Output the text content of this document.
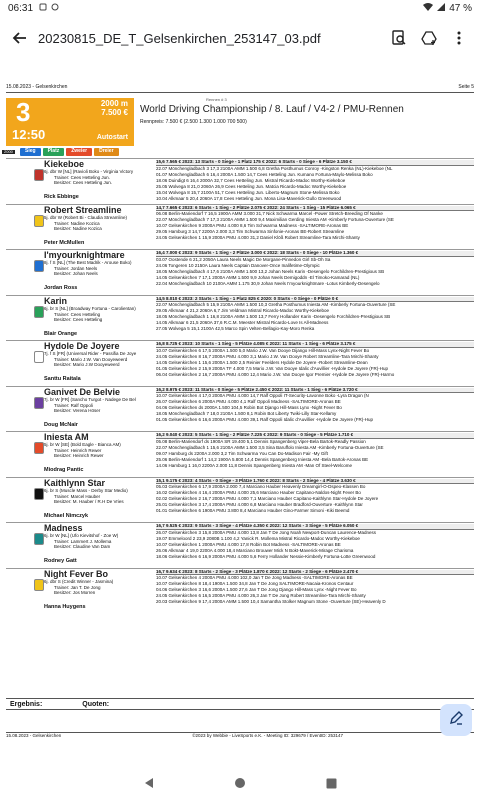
06:31	47 %
20230815_DE_T_Gelsenkirchen_253147_03.pdf
15.08.2023 - Gelsenkirchen	Seite 5
Rennen # 3
3
12:50
2000 m
7.500 €
Autostart
World Driving Championship / 8. Lauf / V4-2 / PMU-Rennen
Rennpreis: 7.500 € (2.500 1.300 1.000 700 500)
2000	Sieg	Platz	Zweier	Dreier
1
Kiekeboe
6j. dbr W [NL] (Ravioli Boko - Virginia Victory
Trainer: Cees Hetteling Jun.
Besitzer: Cees Hetteling Jun.
Rick Ebbinge
15,6 7.565 € 2023: 13 Starts - 0 Siege - 1 Platz 175 € 2022: 6 Starts - 0 Siege - 6 Plätze 3.150 €
22.07 Mönchengladbach 3 17,3 2100A AMM 1.500 6,8 Gretha Posthumus Conroy -Kingston Renka (NL)-Kiekeboe (NL
01.07 Mönchengladbach 6 16,4 2000A 1.500 14,7 Cees Hetteling Jun. Kumano Fortuna-Maylo-Melissa Boko
18.06 Duindigt 6 16,4 2000A 32,7 Cees Hetteling Jun. Mistral Ricardo-Madoc Worthy-Kiekeboe
25.05 Wolvega 8 21,0 2060A 26,9 Cees Hetteling Jun. Matcia Ricardo-Madoc Worthy-Kiekeboe
15.04 Wolvega 8 15,7 2100A 51,7 Cees Hetteling Jun. Liberto-Magnum Stone-Melissa Boko
10.04 Alkmaar 5 20,4 2060A 17,8 Cees Hetteling Jun. Mona Lisa-Maverick-Gullo Greenwood
2
Robert Streamline
5j. dbr W (Robert Bi - Claudia Streamline)
Trainer: Nadine Kozica
Besitzer: Nadine Kozica
Peter McMullen
14,7 7.665 € 2023: 6 Starts - 1 Sieg - 2 Plätze 2.075 € 2022: 24 Starts - 1 Sieg - 15 Plätze 6.065 €
06.08 Berlin-Mariendorf 7 16,5 1900A AMM 3.000 31,7 Nick Schwarma Marcel -Power Stretch-Breeding Of Nanke
22.07 Mönchengladbach 7 17,3 2100A AMM 1.500 9,4 Maximilian Gerding Iniesta AM -Kimberly Fortuna-Ouverture (SE
10.07 Gelsenkirchen 9 2000A PMU 4.000 8,6 Tim Schwarma Madness -SALTIMORE-Aronas BE
29.05 Hamburg 3 14,7 2200A 2.000 3,3 Tim Schwarma Sinfonie-Aronas BE-Robert Streamline
24.05 Gelsenkirchen 1 15,9 2000A PMU 4.000 31,2 Daniel Klöß Robert Streamline-Tara Mirchi-Shanty
3
I'myourknightmare
8j. f S [NL] (The Best Madrik - Arouse Boko)
Trainer: Jordan Neels
Besitzer: Johan Neels
Jordan Ross
16,4 7.000 € 2023: 9 Starts - 1 Sieg - 2 Plätze 3.000 € 2022: 18 Starts - 0 Siege - 10 Plätze 1.360 €
03.07 Oostende 6 21,2 2050A Laura Neels Magic De Morgane-Pinnedon Girl Sb-Oh Sa
24.06 Tongeren 10 2150A Laura Neels Captain Danover-Once Inalifetime-Olympic
18.05 Mönchengladbach 4 17,6 2100A AMM 1.500 13,2 Johan Neels Karin -Desengelo Forchildren-Prestigious SB
14.05 Gelsenkirchen 7 17,1 2000A AMM 1.500 9,9 Johan Neels Demigoddn -El Timoko-Kamarad (NL)
22.04 Mönchengladbach 10 2100A AMM 1.175 30,9 Johan Neels I'myourknightmare -Lotus Kimberly-Desengelo
4
Karin
6j. br S [NL] (Broadway Fortuna - Carolientan)
Trainer: Cees Hetteling
Besitzer: Cees Hetteling
Blair Orange
14,5 8.010 € 2023: 2 Starts - 1 Sieg - 1 Platz 825 € 2020: 0 Starts - 0 Siege - 0 Plätze 0 €
22.07 Mönchengladbach 5 15,9 2100A AMM 1.500 10,3 Gretha Posthumus Iniesta AM -Kimberly Fortuna-Ouverture (SE
29.05 Alkmaar 4 21,2 2060A 6,7 Jim Veldman Mistral Ricardo-Madoc Worthy-Kiekeboe
18.05 Mönchengladbach 1 16,8 2100A AMM 1.500 13,7 Ferry Hollander Karin -Desengelo Forchildren-Prestigious SB
14.05 Alkmaar 6 21,5 2060A 37,6 R.C.M. Meester Mistral Ricardo-Love Is All-Madness
27.05 Wolvega 5 15,1 2100A 42,5 Marco Spin Velten-Bellagio-Kay-Moro Renka
5
Hydole De Joyere
7j. f S [FR] (Universal Rider - Passifia De Joye
Trainer: Mario J.W. Van Dooyeweerd
Besitzer: Mario J.W Dooyeweerd
Santtu Raitala
16,8 8.725 € 2023: 10 Starts - 1 Sieg - 5 Plätze 4.085 € 2022: 11 Starts - 1 Sieg - 6 Plätze 3.175 €
10.07 Gelsenkirchen 6 17,5 2000A 1.500 5,0 Mario J.W. Van Dooye Dijango Hill-Mass Lynx-Night Fever Bo
24.05 Gelsenkirchen 8 16,7 2000A PMU 4.000 3,1 Mario J.W. Van Dooye Robert Streamline-Tara Mirchi-Shanty
14.05 Gelsenkirchen 1 15,6 2000A 1.500 2,5 Reinier Feelders Hydole De Joyere -Robert Streamline-Dean
01.05 Gelsenkirchen 2 15,9 2000A TF 4.000 7,5 Mario J.W. Van Dooye Idalic d'Auvillier -Hydole De Joyere (FR)-Hup
06.04 Gelsenkirchen 2 16,7 2000A PMU 4.000 12,4 Mario J.W. Van Dooye Igor Premier -Hydole De Joyere (FR)-Harmo
6
Ganivet De Belvie
7j. br W [FR] (Sancho Turgot - Nadege De Bel
Trainer: Ralf Oppoli
Besitzer: Verena Höser
Doug McNair
16,2 8.975 € 2023: 11 Starts - 0 Siege - 5 Plätze 2.450 € 2022: 11 Starts - 1 Sieg - 6 Plätze 3.720 €
10.07 Gelsenkirchen 4 17,0 2000A PMU 4.000 14,7 Ralf Oppoli IT-Security-Lavonne Boko -Lyra Dragon (N
26.07 Gelsenkirchen 6 2000A PMU 4.000 4,1 Ralf Oppoli Madness -SALTIMORE-Aronas BE
04.06 Gelsenkirchen ds 2000A 1.500 104,5 Robin Bot Django Hill-Mass Lynx -Night Fever Bo
18.05 Mönchengladbach 7 18,0 2100A 1.500 8,1 Robin Bot Liberty Twiki-Lilly Star-Kellamy
01.05 Gelsenkirchen 6 16,6 2000A PMU 4.000 39,1 Ralf Oppoli Idalic d'Auvillier -Hydole De Joyere (FR)-Hup
7
Iniesta AM
5j. br W [SE] (Bold Eagle - Bianca AM)
Trainer: Heinrich Rewer
Besitzer: Heinrich Rewer
Miodrag Pantic
16,2 9.040 € 2023: 5 Starts - 1 Sieg - 2 Plätze 7.225 € 2022: 9 Starts - 0 Siege - 5 Plätze 1.710 €
05.08 Berlin-Mariendorf ds 1900A SR 19.400 5,1 Dennis Spangenberg Viper-Bela Bartok-Readly Passion
22.07 Mönchengladbach 1 15,6 2100A AMM 1.500 3,5 Sina Baruffolo Iniesta AM -Kimberly Fortuna-Ouverture (SE
09.07 Hamburg ds 2200A 2.000 3,2 Tim Schwarma You Can Do-Madison Fair -My Gift
25.06 Berlin-Mariendorf 1 14,2 1900A 5.800 14,4 Dennis Spangenberg Iniesta AM -Bela Bartok-Aronas BE
14.06 Hamburg 1 16,0 2200A 2.000 11,8 Dennis Spangenberg Iniesta AM -Man Of Steel-Welcome
8
Kaithlynn Star
6j. br S (Muscle Mass - Derby Star Medio)
Trainer: Marcel Hauber
Besitzer: M. Hauber / R.H De Vries
Michael Nimczyk
15,1 9.175 € 2023: 4 Starts - 0 Siege - 3 Plätze 1.760 € 2022: 8 Starts - 2 Siege - 4 Plätze 3.630 €
05.03 Gelsenkirchen 6 17,9 2000A 2.000 7,4 Marciano Hauber Heavenly Dreamgirl-O-Dspeo-Klassen Bo
16.02 Gelsenkirchen 4 16,4 2000A PMU 4.000 25,6 Marciano Hauber Capitano-Naldos-Night Fever Bo
02.02 Gelsenkirchen 2 16,7 2000A PMU 4.000 7,1 Marciano Hauber Capitano-Kaithlynn Star-Hydole De Joyere
25.01 Gelsenkirchen 3 17,4 2000A PMU 4.000 6,8 Marciano Hauber Bradford-Ouverture -Kaithlynn Star
01.01 Gelsenkirchen 6 1900A PMU 3.800 8,4 Marciano Hauber Gino-Farmer Simoni -Kiki Beemd
9
Madness
6j. br W [NL] (Ufo Kievitshof - Zoe W)
Trainer: Lammert J. Mollema
Besitzer: Claudine Van Dam
Rodney Gatt
16,7 9.525 € 2023: 9 Starts - 3 Siege - 4 Plätze 4.350 € 2022: 12 Starts - 3 Siege - 5 Plätze 6.050 €
26.07 Gelsenkirchen 3 15,8 2000A PMU 4.000 13,8 Jan T De Jong Noah Newport-Duncan Laurence-Madness
19.07 Emmeloord 2 23,9 2080B 1.100 4,2 Yanick R. Mollema Mistral Ricardo-Madoc Worthy-Kiekeboe
10.07 Gelsenkirchen 1 2000A PMU 4.000 17,8 Robin Bot Madness -SALTIMORE-Aronas BE
26.06 Alkmaar 4 19,0 2200A 4.000 18,4 Marciano Brouwer Mick N Bokt-Maverick-Mirage Charisma
18.06 Gelsenkirchen 6 16,9 2000A PMU 4.000 5,6 Ferry Hollander Nessie-Kimberly Fortuna-Lotte Greenwood
10
Night Fever Bo
6j. dbr S (Credit Winner - Jasmina)
Trainer: Jan T. De Jong
Besitzer: Jos Morren
Hanna Huygens
16,7 9.634 € 2023: 8 Starts - 2 Siege - 3 Plätze 1.870 € 2022: 12 Starts - 2 Siege - 6 Plätze 2.470 €
10.07 Gelsenkirchen 4 2000A PMU 4.000 102,0 Jan T De Jong Madness -SALTIMORE-Aronas BE
10.07 Gelsenkirchen 8 18,4 1900A 1.500 34,8 Jan T De Jong SALTIMORE-Nacaia-Kronos Centaur
04.06 Gelsenkirchen 3 16,6 2000A 1.500 27,6 Jan T De Jong Django Hill-Mass Lynx -Night Fever Bo
24.05 Gelsenkirchen 6 16,5 2000A PMU 4.000 26,3 Jan T De Jong Robert Streamline-Tara Mirchi-Shanty
20.03 Gelsenkirchen 9 17,4 2000A AMM 1.500 10,4 Samantha Stolker Magnum Stone -Ouverture (SE)-Heavenly D
Ergebnis:	Quoten:
15.08.2023 - Gelsenkirchen	©2023 by Webbie - LiveSports e.K. - Meeting ID: 329679 / EventID: 253147
